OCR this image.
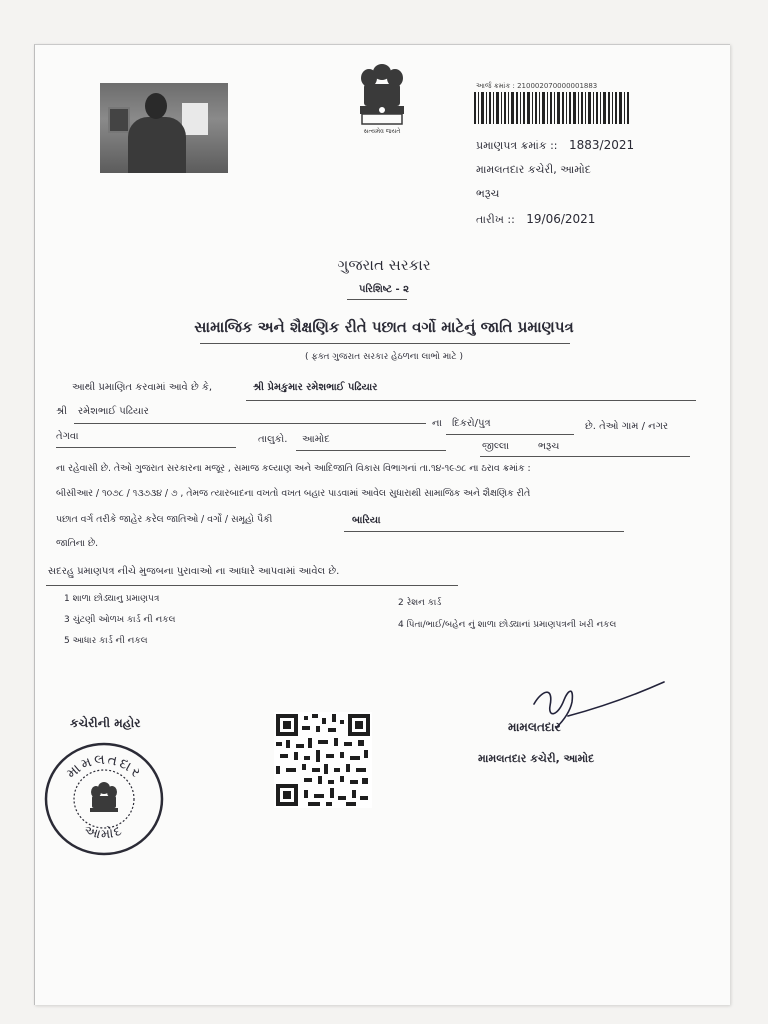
સત્યમેવ જયતે
આર્જ ક્રમાંક : 210002070000001883
પ્રમાણપત્ર ક્રમાંક :: 1883/2021
મામલતદાર કચેરી, આમોદ
ભરૂચ
તારીખ :: 19/06/2021
ગુજરાત સરકાર
પરિશિષ્ટ - ૨
સામાજિક અને શૈક્ષણિક રીતે પછાત વર્ગો માટેનું જાતિ પ્રમાણપત્ર
( ફક્ત ગુજરાત સરકાર હેઠળના લાભો માટે )
આથી પ્રમાણિત કરવામાં આવે છે કે,	શ્રી પ્રેમકુમાર રમેશભાઈ પઢિયાર
શ્રી રમેશભાઈ પઢિયાર
ના દિકરો/પુત્ર	છે. તેઓ ગામ / નગર
તેગવા	તાલુકો. આમોદ
જીલ્લા	ભરૂચ
ના રહેવાસી છે. તેઓ ગુજરાત સરકારના મજૂર , સમાજ કલ્યાણ અને આદિજાતિ વિકાસ વિભાગનાં તા.૧૪-૧૯૭૮ ના ઠરાવ ક્રમાંક :
બીસીઆર / ૧૦૭૮ / ૧૩૭૩૪ / ૭ , તેમજ ત્યારબાદના વખતો વખત બહાર પાડવામાં આવેલ સુધારાથી સામાજિક અને શૈક્ષણિક રીતે
પછાત વર્ગ તરીકે જાહેર કરેલ જાતિઓ / વર્ગો / સમૂહો પૈકી	બારિયા
જાતિના છે.
સદરહુ પ્રમાણપત્ર નીચે મુજબના પુરાવાઓ ના આધારે આપવામાં આવેલ છે.
1 શાળા છોડ્યાનુ પ્રમાણપત્ર	2 રેશન કાર્ડ
3 ચુંટણી ઓળખ કાર્ડ ની નકલ	4 પિતા/ભાઈ/બહેન નું શાળા છોડ્યાનાં પ્રમાણપત્રની ખરી નકલ
5 આધાર કાર્ડ ની નકલ
કચેરીની મહોર	મામલતદાર
મામલતદાર કચેરી, આમોદ
મામલતદાર
આમોદ
